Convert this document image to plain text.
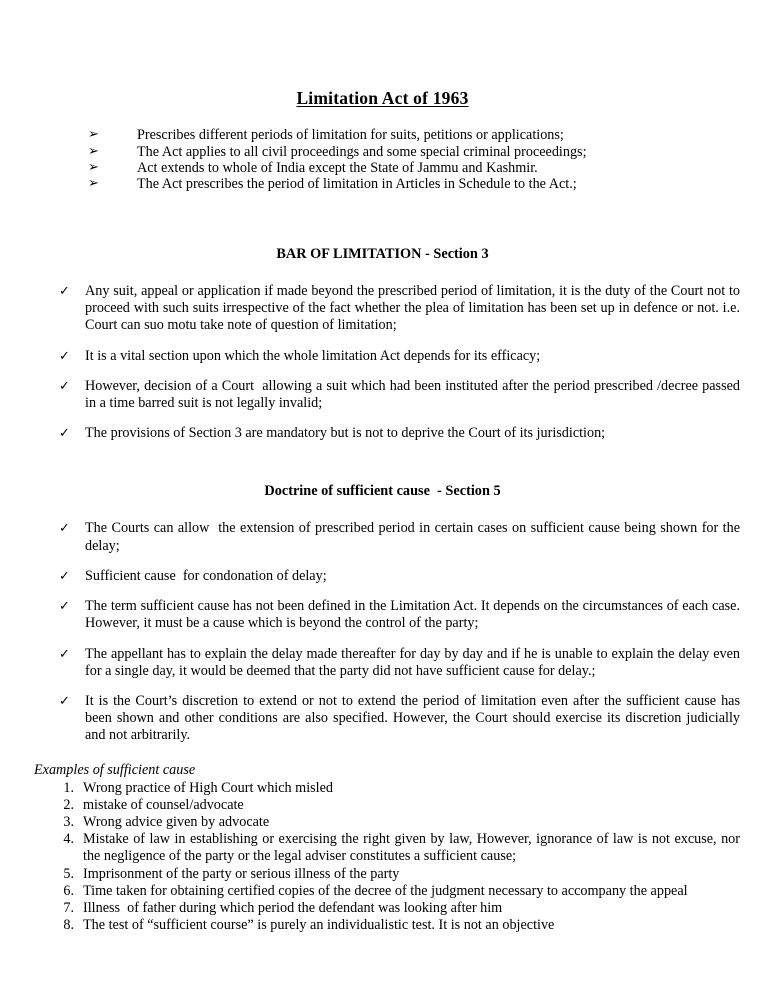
Limitation Act of 1963
➢	Prescribes different periods of limitation for suits, petitions or applications;
➢	The Act applies to all civil proceedings and some special criminal proceedings;
➢	Act extends to whole of India except the State of Jammu and Kashmir.
➢	The Act prescribes the period of limitation in Articles in Schedule to the Act.;
BAR OF LIMITATION - Section 3
✓ Any suit, appeal or application if made beyond the prescribed period of limitation, it is the duty of the Court not to proceed with such suits irrespective of the fact whether the plea of limitation has been set up in defence or not. i.e. Court can suo motu take note of question of limitation;
✓ It is a vital section upon which the whole limitation Act depends for its efficacy;
✓ However, decision of a Court  allowing a suit which had been instituted after the period prescribed /decree passed in a time barred suit is not legally invalid;
✓ The provisions of Section 3 are mandatory but is not to deprive the Court of its jurisdiction;
Doctrine of sufficient cause  - Section 5
✓ The Courts can allow  the extension of prescribed period in certain cases on sufficient cause being shown for the delay;
✓ Sufficient cause  for condonation of delay;
✓ The term sufficient cause has not been defined in the Limitation Act. It depends on the circumstances of each case. However, it must be a cause which is beyond the control of the party;
✓ The appellant has to explain the delay made thereafter for day by day and if he is unable to explain the delay even for a single day, it would be deemed that the party did not have sufficient cause for delay.;
✓ It is the Court’s discretion to extend or not to extend the period of limitation even after the sufficient cause has been shown and other conditions are also specified. However, the Court should exercise its discretion judicially and not arbitrarily.

Examples of sufficient cause

1. Wrong practice of High Court which misled
2. mistake of counsel/advocate
3. Wrong advice given by advocate
4. Mistake of law in establishing or exercising the right given by law, However, ignorance of law is not excuse, nor the negligence of the party or the legal adviser constitutes a sufficient cause;
5. Imprisonment of the party or serious illness of the party
6. Time taken for obtaining certified copies of the decree of the judgment necessary to accompany the appeal
7. Illness  of father during which period the defendant was looking after him
8. The test of “sufficient course” is purely an individualistic test. It is not an objective
